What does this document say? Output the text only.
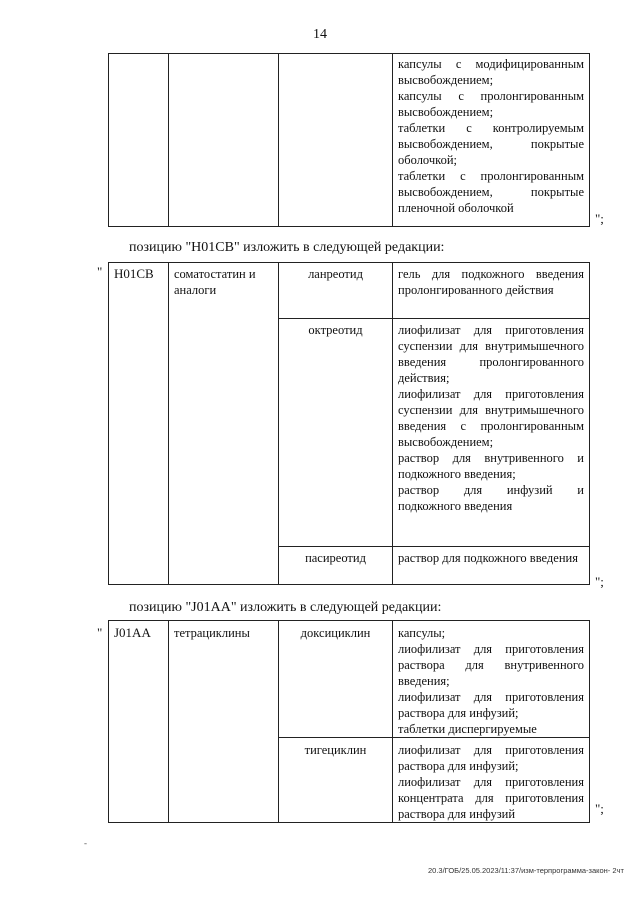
14

капсулы с модифицированным высвобождением;
капсулы с пролонгированным высвобождением;
таблетки с контролируемым высвобождением, покрытые оболочкой;
таблетки с пролонгированным высвобождением, покрытые пленочной оболочкой
";
позицию "H01CB" изложить в следующей редакции:
" H01CB	соматостатин и аналоги	ланреотид	гель для подкожного введения пролонгированного действия

		октреотид	лиофилизат для приготовления суспензии для внутримышечного введения пролонгированного действия;
лиофилизат для приготовления суспензии для внутримышечного введения с пролонгированным высвобождением;
раствор для внутривенного и подкожного введения;
раствор для инфузий и подкожного введения

		пасиреотид	раствор для подкожного введения
";
позицию "J01AA" изложить в следующей редакции:
" J01AA	тетрациклины	доксициклин	капсулы;
лиофилизат для приготовления раствора для внутривенного введения;
лиофилизат для приготовления раствора для инфузий;
таблетки диспергируемые

		тигециклин	лиофилизат для приготовления раствора для инфузий;
лиофилизат для приготовления концентрата для приготовления раствора для инфузий	";
-
20.3/ГОБ/25.05.2023/11:37/изм-терпрограмма-закон- 2чт
